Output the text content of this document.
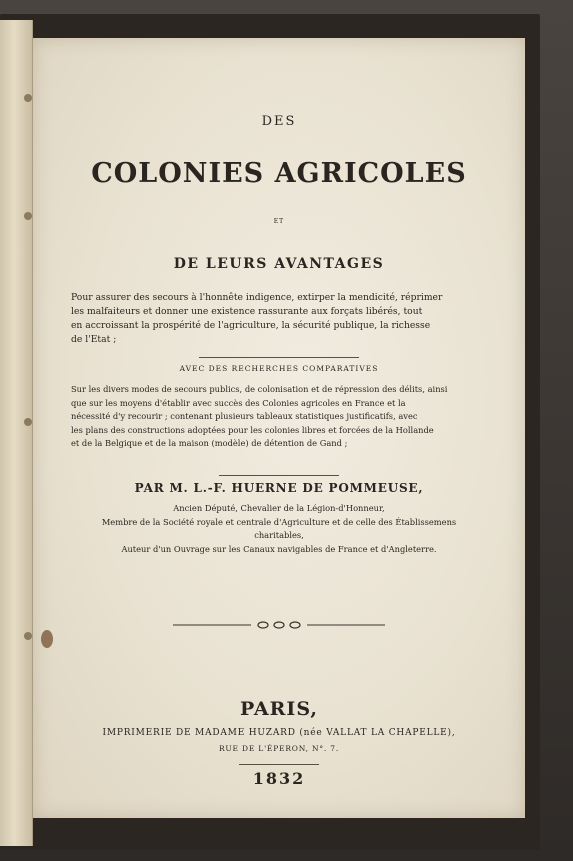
DES
COLONIES AGRICOLES
ET
DE LEURS AVANTAGES
Pour assurer des secours à l'honnête indigence, extirper la mendicité, réprimer
les malfaiteurs et donner une existence rassurante aux forçats libérés, tout
en accroissant la prospérité de l'agriculture, la sécurité publique, la richesse
de l'Etat ;
AVEC DES RECHERCHES COMPARATIVES
Sur les divers modes de secours publics, de colonisation et de répression des délits, ainsi
que sur les moyens d'établir avec succès des Colonies agricoles en France et la
nécessité d'y recourir ; contenant plusieurs tableaux statistiques justificatifs, avec
les plans des constructions adoptées pour les colonies libres et forcées de la Hollande
et de la Belgique et de la maison (modèle) de détention de Gand ;
PAR M. L.-F. HUERNE DE POMMEUSE,
Ancien Député, Chevalier de la Légion-d'Honneur,
Membre de la Société royale et centrale d'Agriculture et de celle des Établissemens
charitables,
Auteur d'un Ouvrage sur les Canaux navigables de France et d'Angleterre.
PARIS,
IMPRIMERIE DE MADAME HUZARD (née VALLAT LA CHAPELLE),
RUE DE L'ÉPERON, N°. 7.
1832
